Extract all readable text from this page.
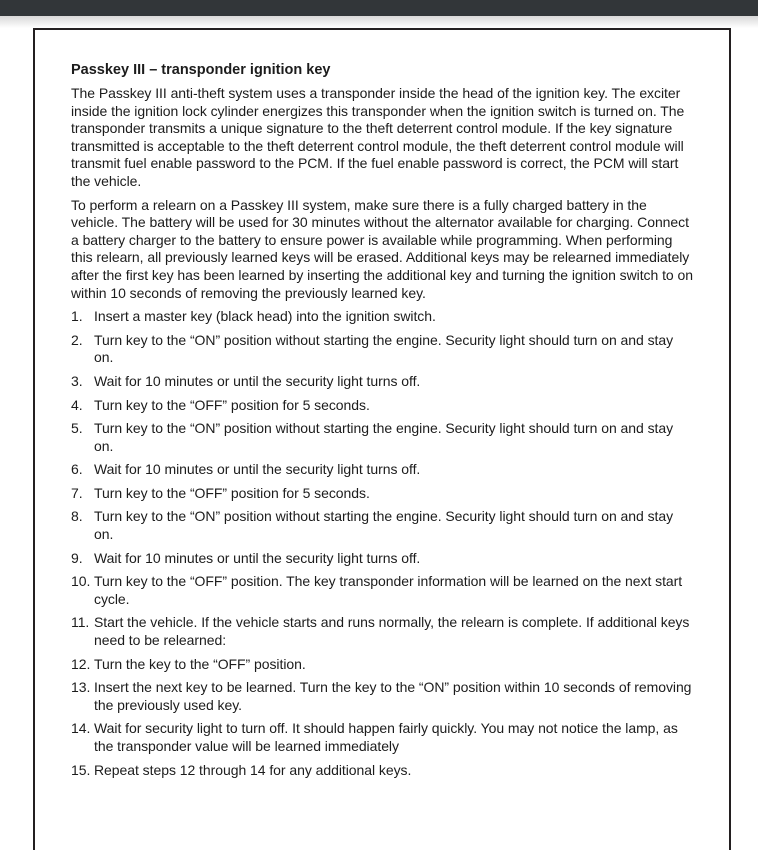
Passkey III – transponder ignition key

The Passkey III anti-theft system uses a transponder inside the head of the ignition key. The exciter inside the ignition lock cylinder energizes this transponder when the ignition switch is turned on. The transponder transmits a unique signature to the theft deterrent control module. If the key signature transmitted is acceptable to the theft deterrent control module, the theft deterrent control module will transmit fuel enable password to the PCM. If the fuel enable password is correct, the PCM will start the vehicle.

To perform a relearn on a Passkey III system, make sure there is a fully charged battery in the vehicle. The battery will be used for 30 minutes without the alternator available for charging. Connect a battery charger to the battery to ensure power is available while programming. When performing this relearn, all previously learned keys will be erased. Additional keys may be relearned immediately after the first key has been learned by inserting the additional key and turning the ignition switch to on within 10 seconds of removing the previously learned key.

1. Insert a master key (black head) into the ignition switch.
2. Turn key to the “ON” position without starting the engine. Security light should turn on and stay on.
3. Wait for 10 minutes or until the security light turns off.
4. Turn key to the “OFF” position for 5 seconds.
5. Turn key to the “ON” position without starting the engine. Security light should turn on and stay on.
6. Wait for 10 minutes or until the security light turns off.
7. Turn key to the “OFF” position for 5 seconds.
8. Turn key to the “ON” position without starting the engine. Security light should turn on and stay on.
9. Wait for 10 minutes or until the security light turns off.
10. Turn key to the “OFF” position. The key transponder information will be learned on the next start cycle.
11. Start the vehicle. If the vehicle starts and runs normally, the relearn is complete. If additional keys need to be relearned:
12. Turn the key to the “OFF” position.
13. Insert the next key to be learned. Turn the key to the “ON” position within 10 seconds of removing the previously used key.
14. Wait for security light to turn off. It should happen fairly quickly. You may not notice the lamp, as the transponder value will be learned immediately
15. Repeat steps 12 through 14 for any additional keys.
